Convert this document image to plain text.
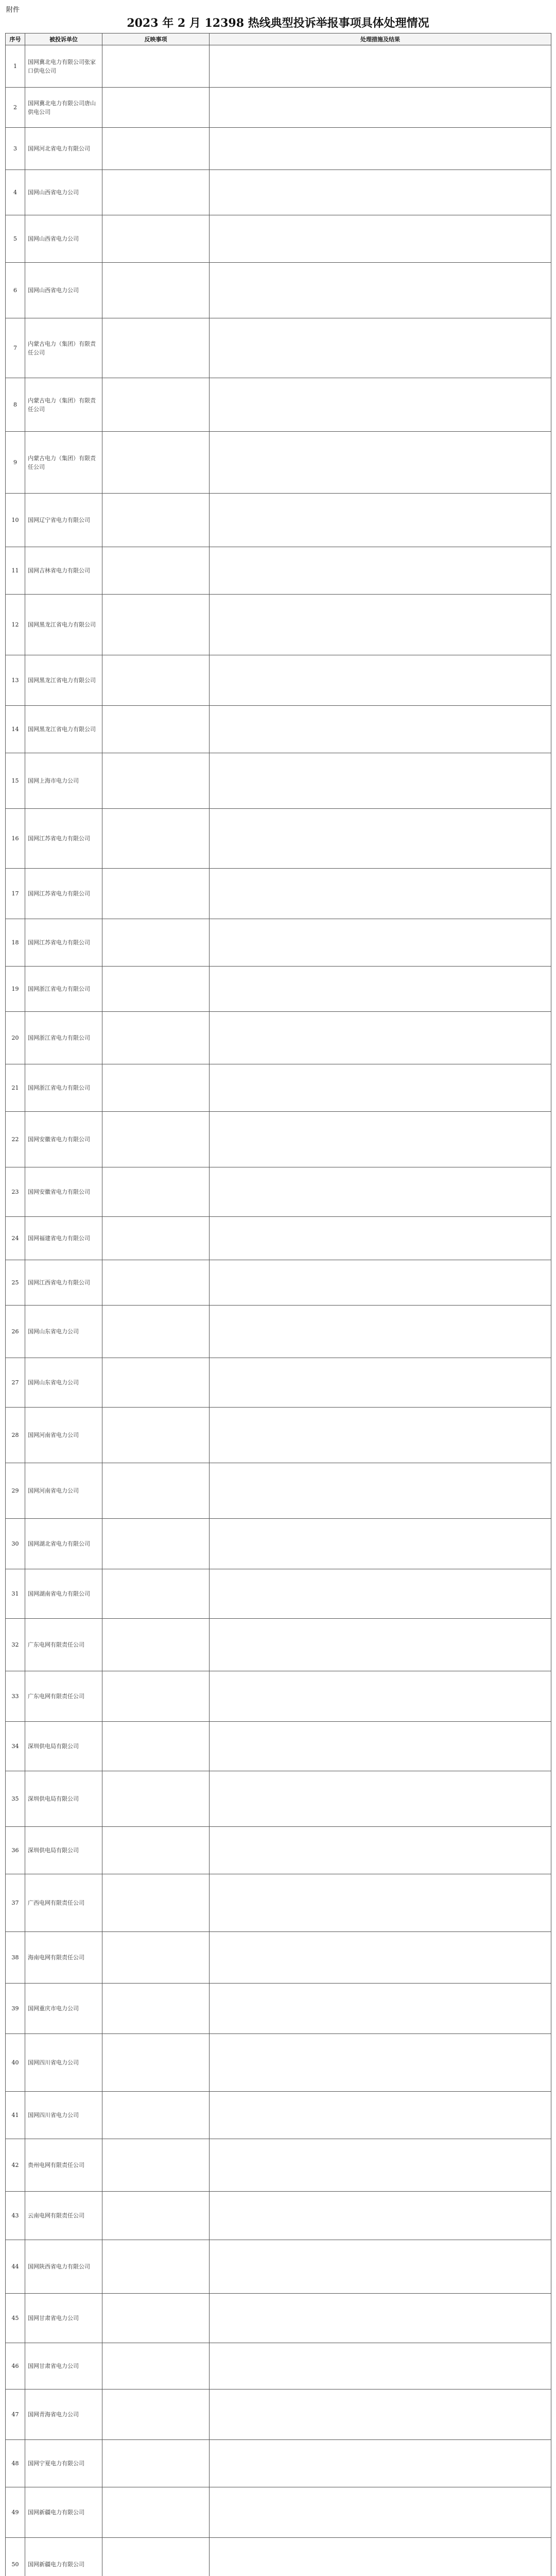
附件
2023 年 2 月 12398 热线典型投诉举报事项具体处理情况
序号	被投诉单位	反映事项	处理措施及结果
1	国网冀北电力有限公司张家口供电公司		
2	国网冀北电力有限公司唐山供电公司		
3	国网河北省电力有限公司		
4	国网山西省电力公司		
5	国网山西省电力公司		
6	国网山西省电力公司		
7	内蒙古电力（集团）有限责任公司		
8	内蒙古电力（集团）有限责任公司		
9	内蒙古电力（集团）有限责任公司		
10	国网辽宁省电力有限公司		
11	国网吉林省电力有限公司		
12	国网黑龙江省电力有限公司		
13	国网黑龙江省电力有限公司		
14	国网黑龙江省电力有限公司		
15	国网上海市电力公司		
16	国网江苏省电力有限公司		
17	国网江苏省电力有限公司		
18	国网江苏省电力有限公司		
19	国网浙江省电力有限公司		
20	国网浙江省电力有限公司		
21	国网浙江省电力有限公司		
22	国网安徽省电力有限公司		
23	国网安徽省电力有限公司		
24	国网福建省电力有限公司		
25	国网江西省电力有限公司		
26	国网山东省电力公司		
27	国网山东省电力公司		
28	国网河南省电力公司		
29	国网河南省电力公司		
30	国网湖北省电力有限公司		
31	国网湖南省电力有限公司		
32	广东电网有限责任公司		
33	广东电网有限责任公司		
34	深圳供电局有限公司		
35	深圳供电局有限公司		
36	深圳供电局有限公司		
37	广西电网有限责任公司		
38	海南电网有限责任公司		
39	国网重庆市电力公司		
40	国网四川省电力公司		
41	国网四川省电力公司		
42	贵州电网有限责任公司		
43	云南电网有限责任公司		
44	国网陕西省电力有限公司		
45	国网甘肃省电力公司		
46	国网甘肃省电力公司		
47	国网青海省电力公司		
48	国网宁夏电力有限公司		
49	国网新疆电力有限公司		
50	国网新疆电力有限公司		
